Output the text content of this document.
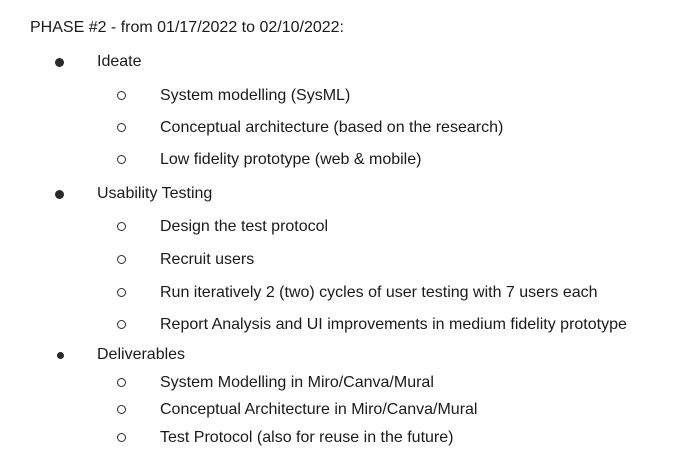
PHASE #2 - from 01/17/2022 to 02/10/2022:
Ideate
System modelling (SysML)
Conceptual architecture (based on the research)
Low fidelity prototype (web & mobile)
Usability Testing
Design the test protocol
Recruit users
Run iteratively 2 (two) cycles of user testing with 7 users each
Report Analysis and UI improvements in medium fidelity prototype
Deliverables
System Modelling in Miro/Canva/Mural
Conceptual Architecture in Miro/Canva/Mural
Test Protocol (also for reuse in the future)
